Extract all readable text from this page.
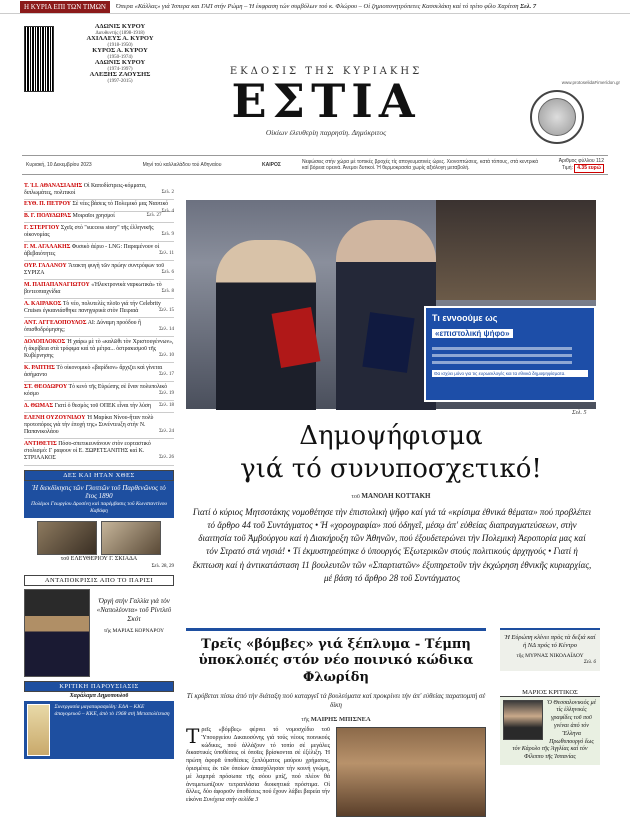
Η ΚΥΡΙΑ ΕΠΙ ΤΩΝ ΤΙΜΩΝ	Όπερα «Κάλλας» γιά Ίσπερα και ΓΑΠ στήν Ρώμη – Ή έκφραση τών συμβόλων τού κ. Φλώρου – Οί ζημιοπονητρόπετες Κασσελάκη καί τό τρίτο φίλο Χαρίτση Σελ. 7
ΑΔΩΝΙΣ ΚΥΡΟΥ
Διευθυντής (1898-1918)
ΑΧΙΛΛΕΥΣ Α. ΚΥΡΟΥ
(1918-1950)
ΚΥΡΟΣ Α. ΚΥΡΟΥ
(1950-1974)
ΑΔΩΝΙΣ ΚΥΡΟΥ
(1974-1997)
ΑΛΕΞΗΣ ΖΑΟΥΣΗΣ
(1997-2015)
ΕΚΔΟΣΙΣ ΤΗΣ ΚΥΡΙΑΚΗΣ
ΕΣΤΙΑ
Οἰκίων ἐλευθερίη παρρησίη. Δημόκριτος
www.protoselidaFimerídon.gr
Κυριακή, 10 Δεκεμβρίου 2023	Μηνί τού καλλιελάδου τού Αθηναίου	ΚΑΙΡΟΣ	Νεφώσεις στήν χώρα μέ τοπικές βροχές τίς απογευματινές ώρες. Χιονοπτώσεις, κατά τόπους, στά κεντρικά καί βόρεια ορεινά. Άνεμοι δυτικοί. Ή θερμοκρασία χωρίς αξιόλογη μεταβολή.
Άριθμος φύλλου 112
Τιμή: 4.35 ευρώ
Τ. Ἰ.Ι. ΑΘΑΝΑΣΙΑΔΗΣ Οἱ Καποδίστρεις-κόμματα, διπλωμάτες, πολιτικοί	Σελ. 2
ΕΥΘ. Π. ΠΕΤΡΟΥ Σὲ νέες βάσεις τὸ Πολεμικό μας Ναυτικό
Σελ. 4
Β. Γ. ΠΟΛΥΔΩΡΑΣ Μοιραῖοι χρησμοί	Σελ. 27
Γ. ΣΤΕΡΓΙΟΥ Σχεῖς στὸ "success story" τῆς ἑλληνικῆς οἰκονομίας	Σελ. 9
Γ. Μ. ΑΓΑΛΑΚΗΣ Φυσικὸ ἀέριο - LNG: Παραμένουν οἱ ἀβεβαιότητες	Σελ. 11
ΟΥΡ. ΓΑΛΑΝΟΥ Ἄτακτη φυγὴ τῶν πρώην συντρόφων τοῦ ΣΥΡΙΖΑ	Σελ. 6
Μ. ΠΑΠΑΠΑΝΑΓΙΩΤΟΥ «Ἠλεκτρονικὰ ναρκωτικὰ» τὸ βιντεοπαιχνίδια	Σελ. 8
Λ. ΚΑΙΡΑΚΟΣ Τὸ νέο, πολυτελὲς πλοῖο γιά τήν Celebrity Cruises ἐγκαινιάσθηκε πανηγυρικὰ στὸν Πειραιὰ	Σελ. 15
ΑΝΤ. ΑΓΓΕΛΟΠΟΥΛΟΣ ΑΙ: Δύναμη προόδου ἢ ὀπισθοδρόμησης;	Σελ. 14
ΔΟΛΟΠΛΟΚΟΣ Ἡ χαίρω μὲ τὸ «καλῶθι τὸν Χριστουγέννων», ἡ ἀκρίβεια στὰ τρόφιμα καὶ τὰ μέτρα... ὀστρακισμοῦ τῆς Κυβέρνησης	Σελ. 10
Κ. ΡΑΠΤΗΣ Τὸ οἰκονομικὸ «βαρίδιον» ἄρχιζει καὶ γίνεται ἀσήμαντο	Σελ. 17
ΣΤ. ΘΕΟΔΩΡΟΥ Τὸ κενὸ τῆς Εὐρώπης σὲ ἕναν πολυπολικὸ κόσμο	Σελ. 19
Δ. ΘΩΜΑΣ Γιατί ὁ θεσμὸς τοῦ ΟΠΕΚ εἶναι τὴν λύση Σελ. 18
ΕΛΕΝΗ ΟΥΖΟΥΝΙΔΟΥ Ἡ Μαρίκα Νίνου-ἤταν πολὺ προτοπόρος γιὰ τὴν ἐποχὴ της» Συνέντευξη στὴν Ν. Παπανικολάου	Σελ. 24
ΑΝΤΙΘΕΤΙΣ Πόσο-σπετικευνάνουν στὸν εορταστικό στολισμό: Γ ραφουν οἱ Ε. ΞΩΡΕΤΣΑΝΙΤΗΣ καὶ Κ. ΣΤΡΙΛΑΚΟΣ	Σελ. 26
ΔΕΣ ΚΑΙ ΗΤΑΝ ΧΘΕΣ
Ἡ διεκδίκησις τῶν Γλυπτῶν τοῦ Παρθενῶνος τὸ ἔτος 1890
Πολέμοι Γεωργίου Δροσίνη καὶ παρέμβασις τοῦ Κωνσταντίνου Καβάφη
τοῦ ΕΛΕΥΘΕΡΙΟΥ Γ. ΣΚΙΑΔΑ
Σελ. 28, 29
ΑΝΤΑΠΟΚΡΙΣΙΣ ΑΠΟ ΤΟ ΠΑΡΙΣΙ
Ὀργὴ στὴν Γαλλία γιὰ τὸν «Ναπολέοντα» τοῦ Ρίντλεϋ Σκότ
τῆς ΜΑΡΙΑΣ ΚΟΡΝΑΡΟΥ
ΚΡΙΤΙΚΗ ΠΑΡΟΥΣΙΑΣΙΣ
Χαράλαμπ Δημοπουλοῦ
Συνεργασία μαγαπαρασρίδη: ΕΔΑ – ΚΚΕ ἀπαγορευοῦ – ΚΚΕ, ἀπὸ τὸ 1968 στὴ Μεταπολίτευση
Τι εννοούμε ως
«επιστολική ψήφο»
Θα ισχύει μόνο για τις ευρωεκλογές και τα εθνικά δημοψηφίσματα.
Σελ. 5
Δημοψήφισμα
γιά τό συνυποσχετικό!
τοῦ ΜΑΝΟΛΗ ΚΟΤΤΑΚΗ
Γιατί ὁ κύριος Μητσοτάκης νομοθέτησε τὴν ἐπιστολικὴ ψῆφο καί γιά τά «κρίσιμα ἐθνικά θέματα» πού προβλέπει τό ἄρθρο 44 τοῦ Συντάγματος • Ἡ «χορογραφία» πού ὁδηγεῖ, μέσῳ ἀπ' εὐθείας διαπραγματεύσεων, στὴν διαιτησία τοῦ Ἀμβούργου καί ἡ Διακήρυξη τῶν Ἀθηνῶν, πού ἐξουδετερώνει τὴν Πολεμικὴ Ἀεροπορία μας καί τόν Στρατό στά νησιά! • Τί ἐκμυστηρεύτηκε ὁ ὑπουργός Ἐξωτερικῶν στούς πολιτικούς ἀρχηγούς • Γιατί ἡ ἔκπτωση καί ἡ ἀντικατάσταση 11 βουλευτῶν τῶν «Σπαρτιατῶν» ἐξυπηρετοῦν τὴν ἐκχώρηση ἐθνικῆς κυριαρχίας, μέ βάση τό ἄρθρο 28 τοῦ Συντάγματος
Τρεῖς «βόμβες» γιά ξέπλυμα - Τέμπη ὑποκλοπές στόν νέο ποινικό κώδικα Φλωρίδη
Τί κρύβεται πίσω ἀπό τὴν διάταξη πού καταργεῖ τά βουλεύματα καί προκρίνει τήν ἀπ' εὐθείας παραπομπή σέ δίκη
τῆς ΜΑΙΡΗΣ ΜΠΙΣΝΕΑ
Τρεῖς «βόμβες» φέρνει τό νομοσχέδιο τοῦ Ὑπουργείου Δικαιοσύνης γιά τούς νέους ποινικούς κώδικες, πού ἀλλάζουν τό τοπίο σέ μεγάλες δικαστικές ὑποθέσεις οἱ ὁποῖες βρίσκονται σέ ἐξέλιξη. Ἡ πρώτη ἀφορᾶ ὑποθέσεις ξεπλύματος μαύρου χρήματος, ὁρισμένες ἐκ τῶν ὁποίων ἀπασχόλησαν τὴν κοινή γνώμη, μέ λαμπρά πρόσωπα τῆς σόου μπίζ, πού πλέον θά ἀντιμετωπίζουν τετραπλάσια διοικητικά πρόστιμα. Οἱ ἄλλες, δύο ἀφοροῦν ὑποθέσεις πού ἔχουν λάβει βαρεία τήν εἰκόνα Συνέχεια στήν σελίδα 3
Ἡ Εὐρώπη κλίνει πρὸς τὰ δεξιά καί ἡ ΝΔ πρός τό Κέντρο
τῆς ΜΥΡΝΑΣ ΝΙΚΟΛΑΪΔΟΥ
Σελ. 6
ΜΑΡΙΟΣ ΚΡΙΤΙΚΟΣ
Ὁ Θεσσαλονικιός μέ τίς ἑλληνικές γραφίδες τοῦ ποῦ γνέναι ἀπό τόν Ἕλληνα Πρωθυπουργό ἕως τόν Κάρολο τῆς Ἀγγλίας καί τόν Φίλιππο τῆς Ἰσπανίας
